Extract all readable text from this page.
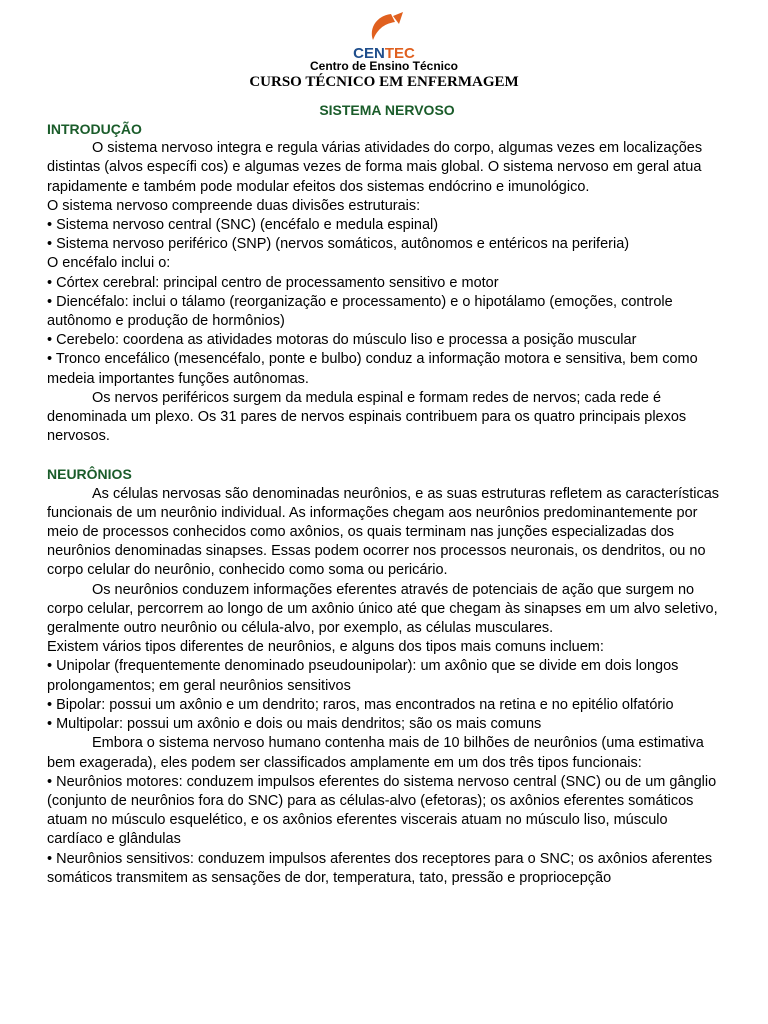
CENTEC
Centro de Ensino Técnico
CURSO TÉCNICO EM ENFERMAGEM

SISTEMA NERVOSO

INTRODUÇÃO

O sistema nervoso integra e regula várias atividades do corpo, algumas vezes em localizações distintas (alvos específi cos) e algumas vezes de forma mais global. O sistema nervoso em geral atua rapidamente e também pode modular efeitos dos sistemas endócrino e imunológico.

O sistema nervoso compreende duas divisões estruturais:

• Sistema nervoso central (SNC) (encéfalo e medula espinal)

• Sistema nervoso periférico (SNP) (nervos somáticos, autônomos e entéricos na periferia)

O encéfalo inclui o:

• Córtex cerebral: principal centro de processamento sensitivo e motor

• Diencéfalo: inclui o tálamo (reorganização e processamento) e o hipotálamo (emoções, controle autônomo e produção de hormônios)

• Cerebelo: coordena as atividades motoras do músculo liso e processa a posição muscular

• Tronco encefálico (mesencéfalo, ponte e bulbo) conduz a informação motora e sensitiva, bem como medeia importantes funções autônomas.

Os nervos periféricos surgem da medula espinal e formam redes de nervos; cada rede é denominada um plexo. Os 31 pares de nervos espinais contribuem para os quatro principais plexos nervosos.

NEURÔNIOS

As células nervosas são denominadas neurônios, e as suas estruturas refletem as características funcionais de um neurônio individual. As informações chegam aos neurônios predominantemente por meio de processos conhecidos como axônios, os quais terminam nas junções especializadas dos neurônios denominadas sinapses. Essas podem ocorrer nos processos neuronais, os dendritos, ou no corpo celular do neurônio, conhecido como soma ou pericário.

Os neurônios conduzem informações eferentes através de potenciais de ação que surgem no corpo celular, percorrem ao longo de um axônio único até que chegam às sinapses em um alvo seletivo, geralmente outro neurônio ou célula-alvo, por exemplo, as células musculares.

Existem vários tipos diferentes de neurônios, e alguns dos tipos mais comuns incluem:

• Unipolar (frequentemente denominado pseudounipolar): um axônio que se divide em dois longos prolongamentos; em geral neurônios sensitivos

• Bipolar: possui um axônio e um dendrito; raros, mas encontrados na retina e no epitélio olfatório

• Multipolar: possui um axônio e dois ou mais dendritos; são os mais comuns

Embora o sistema nervoso humano contenha mais de 10 bilhões de neurônios (uma estimativa bem exagerada), eles podem ser classificados amplamente em um dos três tipos funcionais:

• Neurônios motores: conduzem impulsos eferentes do sistema nervoso central (SNC) ou de um gânglio (conjunto de neurônios fora do SNC) para as células-alvo (efetoras); os axônios eferentes somáticos atuam no músculo esquelético, e os axônios eferentes viscerais atuam no músculo liso, músculo cardíaco e glândulas

• Neurônios sensitivos: conduzem impulsos aferentes dos receptores para o SNC; os axônios aferentes somáticos transmitem as sensações de dor, temperatura, tato, pressão e propriocepção
